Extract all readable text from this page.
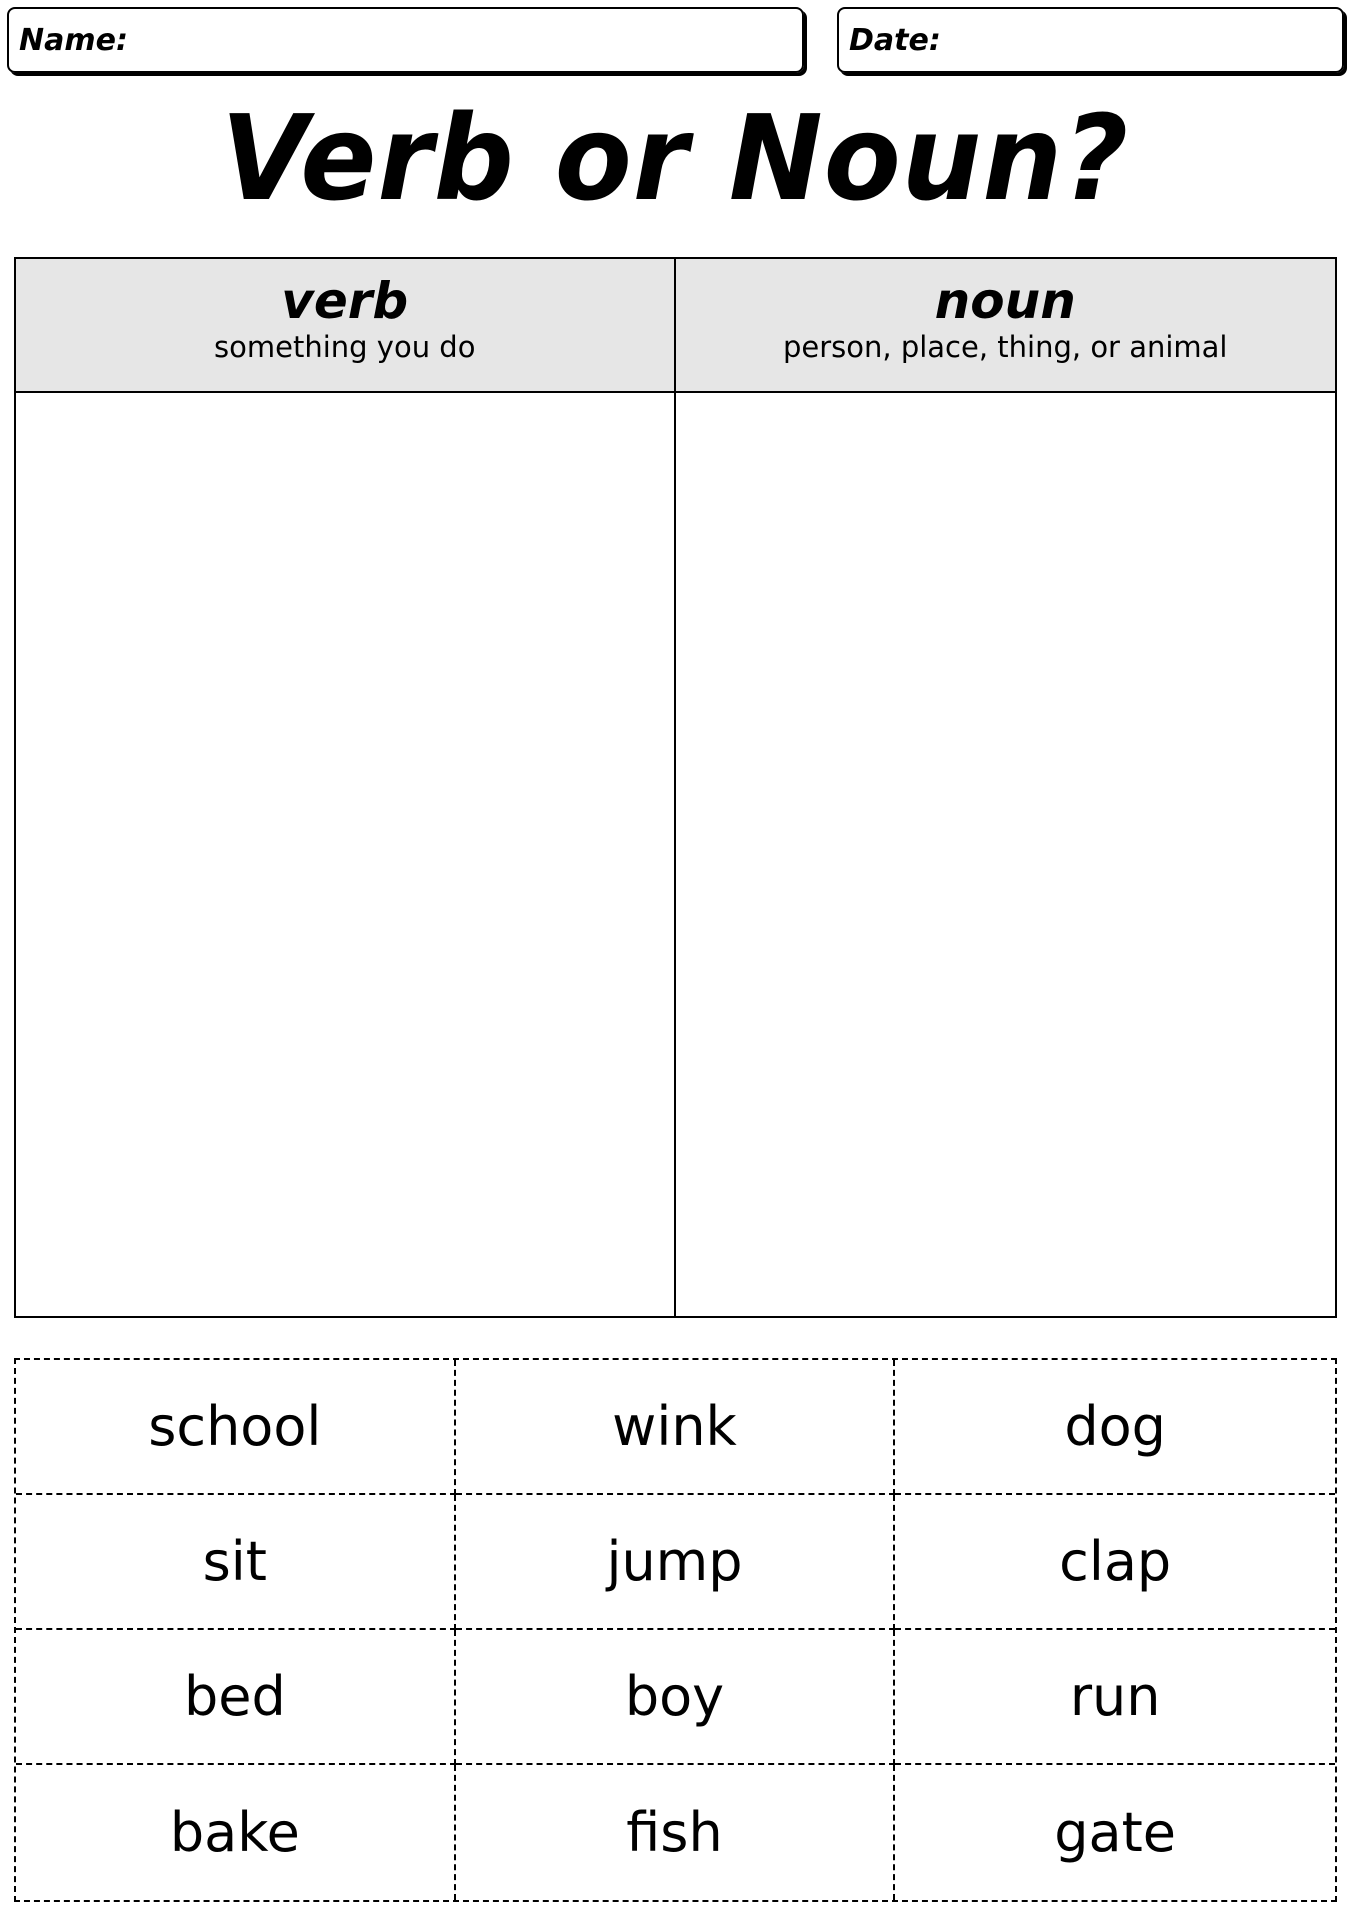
Name:	Date:
Verb or Noun?
verb
something you do
noun
person, place, thing, or animal
school	wink	dog
sit	jump	clap
bed	boy	run
bake	fish	gate
